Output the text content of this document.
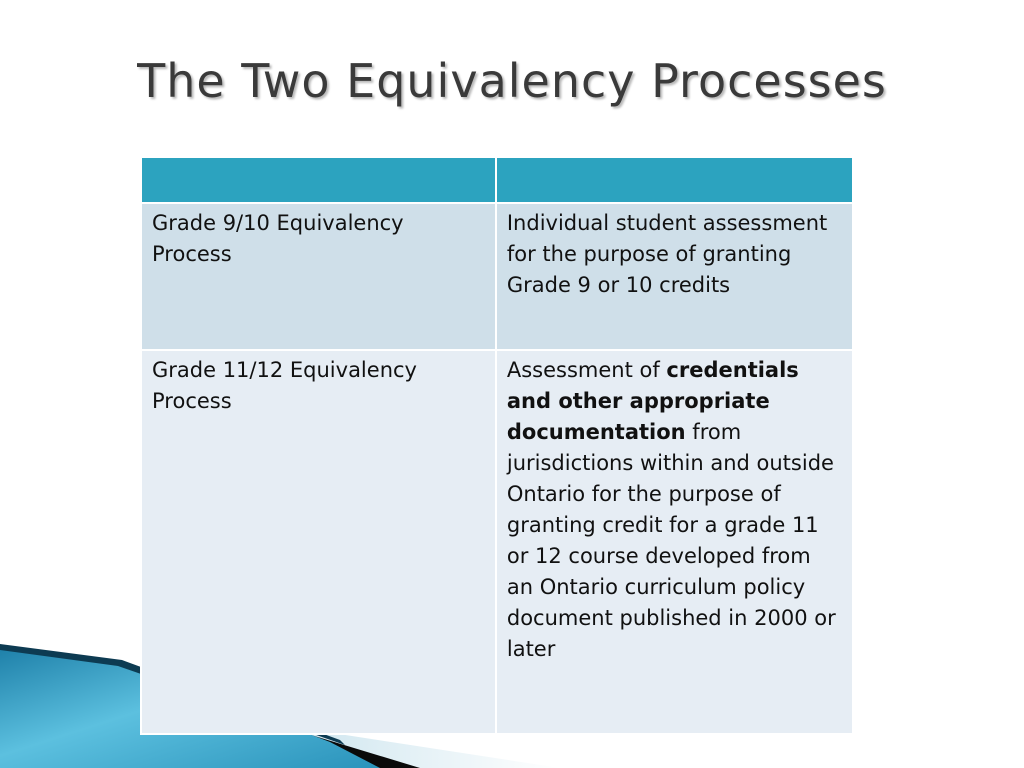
The Two Equivalency Processes

Grade 9/10 Equivalency Process	Individual student assessment for the purpose of granting Grade 9 or 10 credits
Grade 11/12 Equivalency Process	Assessment of credentials and other appropriate documentation from jurisdictions within and outside Ontario for the purpose of granting credit for a grade 11 or 12 course developed from an Ontario curriculum policy document published in 2000 or later
